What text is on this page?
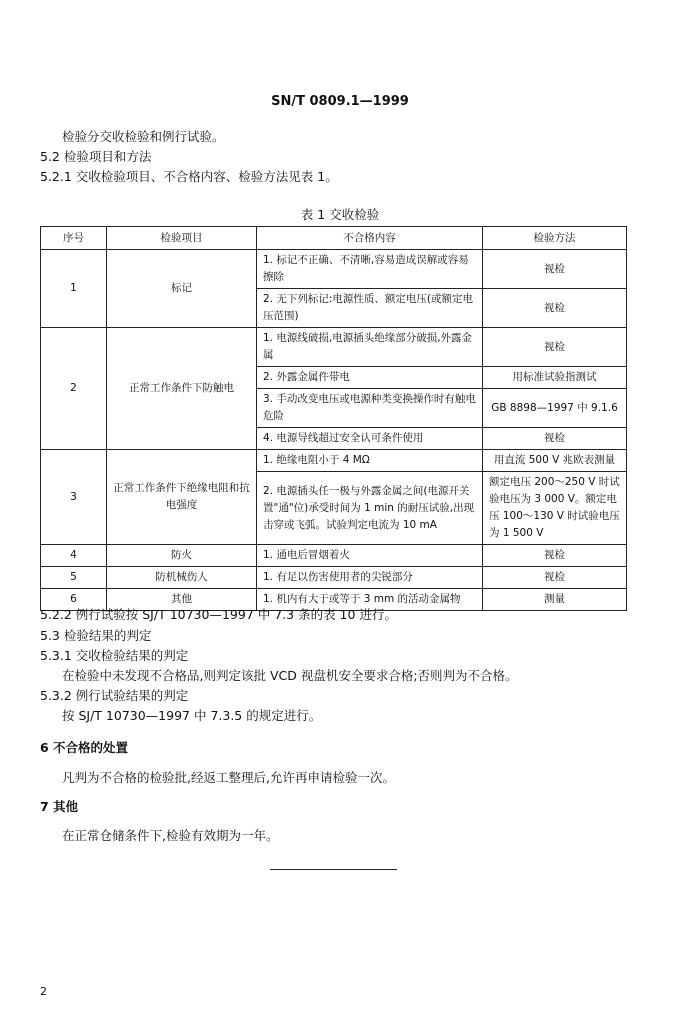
SN/T 0809.1—1999
检验分交收检验和例行试验。
5.2 检验项目和方法
5.2.1 交收检验项目、不合格内容、检验方法见表 1。
表 1 交收检验
序号	检验项目	不合格内容	检验方法
1	标记	1. 标记不正确、不清晰,容易造成误解或容易擦除	视检
		2. 无下列标记:电源性质、额定电压(或额定电压范围)	视检
2	正常工作条件下防触电	1. 电源线破损,电源插头绝缘部分破损,外露金属	视检
		2. 外露金属件带电	用标准试验指测试
		3. 手动改变电压或电源种类变换操作时有触电危险	GB 8898—1997 中 9.1.6
		4. 电源导线超过安全认可条件使用	视检
3	正常工作条件下绝缘电阻和抗电强度	1. 绝缘电阻小于 4 MΩ	用直流 500 V 兆欧表测量
		2. 电源插头任一极与外露金属之间(电源开关置"通"位)承受时间为 1 min 的耐压试验,出现击穿或飞弧。试验判定电流为 10 mA	额定电压 200～250 V 时试验电压为 3 000 V。额定电压 100～130 V 时试验电压为 1 500 V
4	防火	1. 通电后冒烟着火	视检
5	防机械伤人	1. 有足以伤害使用者的尖锐部分	视检
6	其他	1. 机内有大于或等于 3 mm 的活动金属物	测量
5.2.2 例行试验按 SJ/T 10730—1997 中 7.3 条的表 10 进行。
5.3 检验结果的判定
5.3.1 交收检验结果的判定
在检验中未发现不合格品,则判定该批 VCD 视盘机安全要求合格;否则判为不合格。
5.3.2 例行试验结果的判定
按 SJ/T 10730—1997 中 7.3.5 的规定进行。
6 不合格的处置
凡判为不合格的检验批,经返工整理后,允许再申请检验一次。
7 其他
在正常仓储条件下,检验有效期为一年。
2
